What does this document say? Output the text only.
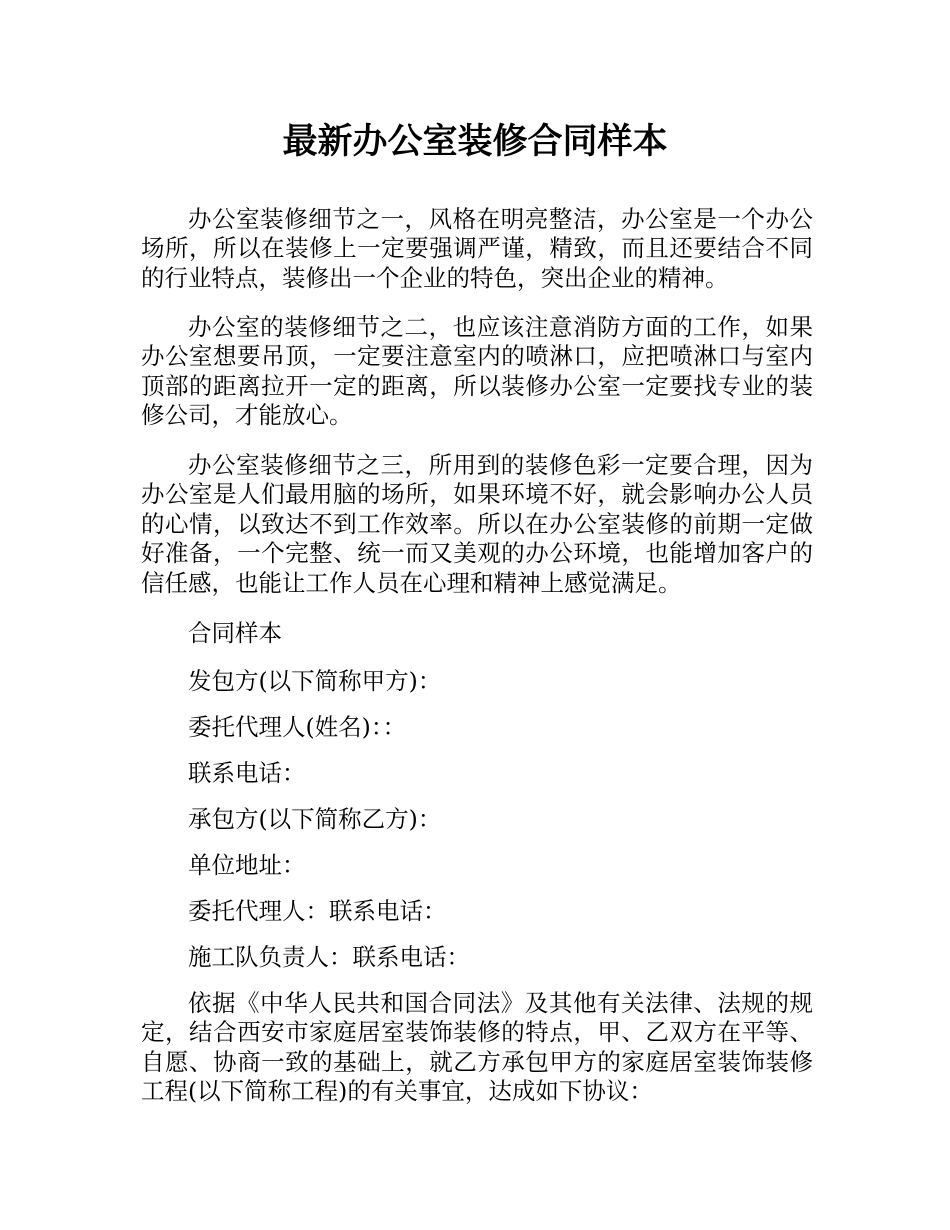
最新办公室装修合同样本

办公室装修细节之一，风格在明亮整洁，办公室是一个办公场所，所以在装修上一定要强调严谨，精致，而且还要结合不同的行业特点，装修出一个企业的特色，突出企业的精神。

办公室的装修细节之二，也应该注意消防方面的工作，如果办公室想要吊顶，一定要注意室内的喷淋口，应把喷淋口与室内顶部的距离拉开一定的距离，所以装修办公室一定要找专业的装修公司，才能放心。

办公室装修细节之三，所用到的装修色彩一定要合理，因为办公室是人们最用脑的场所，如果环境不好，就会影响办公人员的心情，以致达不到工作效率。所以在办公室装修的前期一定做好准备，一个完整、统一而又美观的办公环境，也能增加客户的信任感，也能让工作人员在心理和精神上感觉满足。

合同样本

发包方(以下简称甲方)：

委托代理人(姓名)：：

联系电话：

承包方(以下简称乙方)：

单位地址：

委托代理人：联系电话：

施工队负责人：联系电话：

依据《中华人民共和国合同法》及其他有关法律、法规的规定，结合西安市家庭居室装饰装修的特点，甲、乙双方在平等、自愿、协商一致的基础上，就乙方承包甲方的家庭居室装饰装修工程(以下简称工程)的有关事宜，达成如下协议：
